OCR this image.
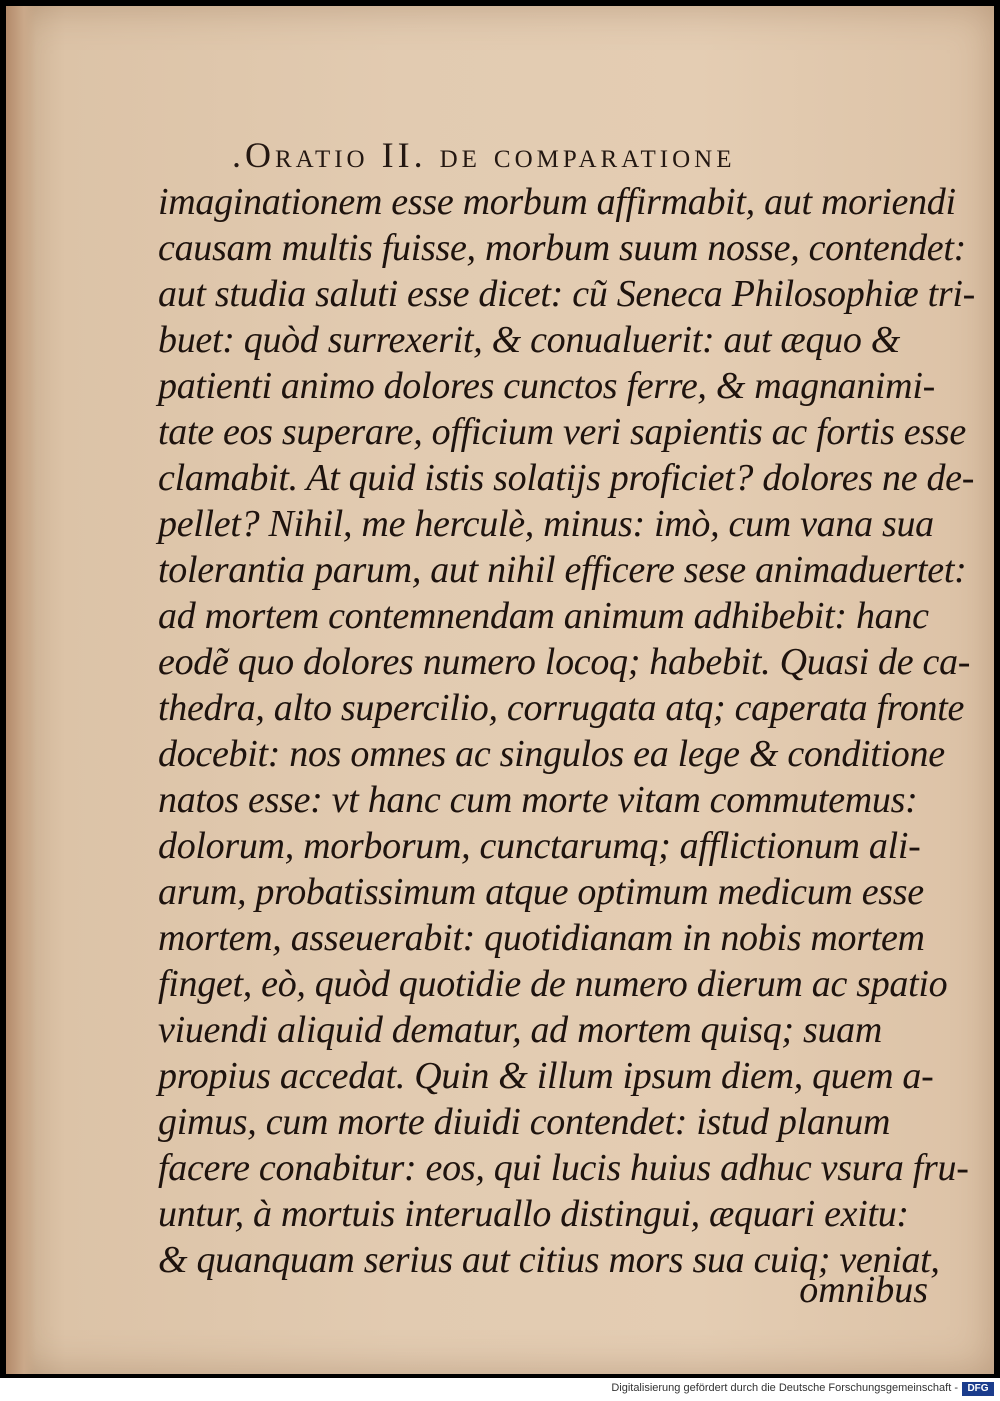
.Oratio II. de comparatione
imaginationem esse morbum affirmabit, aut moriendi
causam multis fuisse, morbum suum nosse, contendet:
aut studia saluti esse dicet: cũ Seneca Philosophiæ tri-
buet: quòd surrexerit, & conualuerit: aut æquo &
patienti animo dolores cunctos ferre, & magnanimi-
tate eos superare, officium veri sapientis ac fortis esse
clamabit. At quid istis solatijs proficiet? dolores ne de-
pellet? Nihil, me herculè, minus: imò, cum vana sua
tolerantia parum, aut nihil efficere sese animaduertet:
ad mortem contemnendam animum adhibebit: hanc
eodẽ quo dolores numero locoq; habebit. Quasi de ca-
thedra, alto supercilio, corrugata atq; caperata fronte
docebit: nos omnes ac singulos ea lege & conditione
natos esse: vt hanc cum morte vitam commutemus:
dolorum, morborum, cunctarumq; afflictionum ali-
arum, probatissimum atque optimum medicum esse
mortem, asseuerabit: quotidianam in nobis mortem
finget, eò, quòd quotidie de numero dierum ac spatio
viuendi aliquid dematur, ad mortem quisq; suam
propius accedat. Quin & illum ipsum diem, quem a-
gimus, cum morte diuidi contendet: istud planum
facere conabitur: eos, qui lucis huius adhuc vsura fru-
untur, à mortuis interuallo distingui, æquari exitu:
& quanquam serius aut citius mors sua cuiq; veniat,
omnibus
Digitalisierung gefördert durch die Deutsche Forschungsgemeinschaft - DFG
